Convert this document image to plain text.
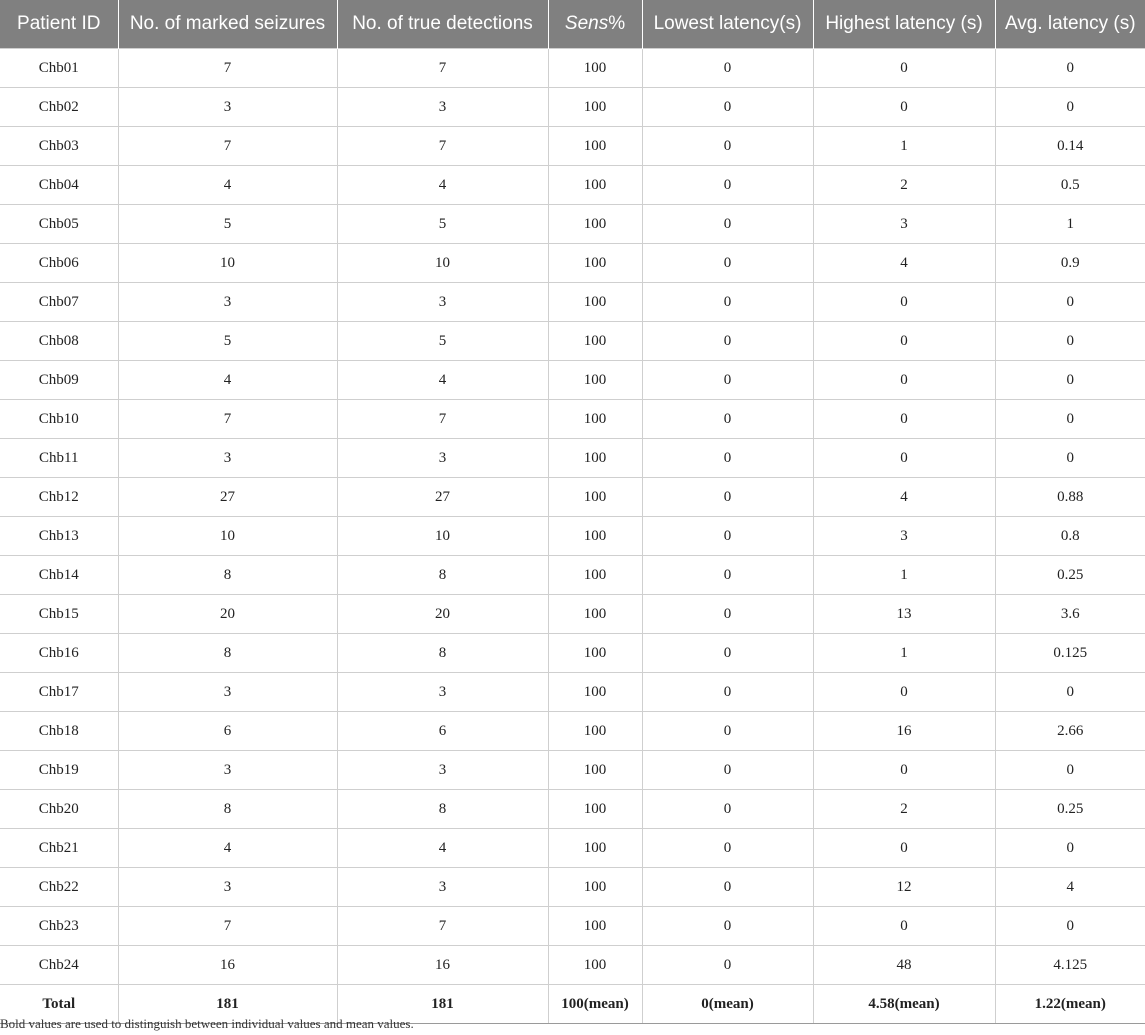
Patient ID	No. of marked seizures	No. of true detections	Sens%	Lowest latency(s)	Highest latency (s)	Avg. latency (s)
Chb01	7	7	100	0	0	0
Chb02	3	3	100	0	0	0
Chb03	7	7	100	0	1	0.14
Chb04	4	4	100	0	2	0.5
Chb05	5	5	100	0	3	1
Chb06	10	10	100	0	4	0.9
Chb07	3	3	100	0	0	0
Chb08	5	5	100	0	0	0
Chb09	4	4	100	0	0	0
Chb10	7	7	100	0	0	0
Chb11	3	3	100	0	0	0
Chb12	27	27	100	0	4	0.88
Chb13	10	10	100	0	3	0.8
Chb14	8	8	100	0	1	0.25
Chb15	20	20	100	0	13	3.6
Chb16	8	8	100	0	1	0.125
Chb17	3	3	100	0	0	0
Chb18	6	6	100	0	16	2.66
Chb19	3	3	100	0	0	0
Chb20	8	8	100	0	2	0.25
Chb21	4	4	100	0	0	0
Chb22	3	3	100	0	12	4
Chb23	7	7	100	0	0	0
Chb24	16	16	100	0	48	4.125
Total	181	181	100(mean)	0(mean)	4.58(mean)	1.22(mean)
Bold values are used to distinguish between individual values and mean values.
